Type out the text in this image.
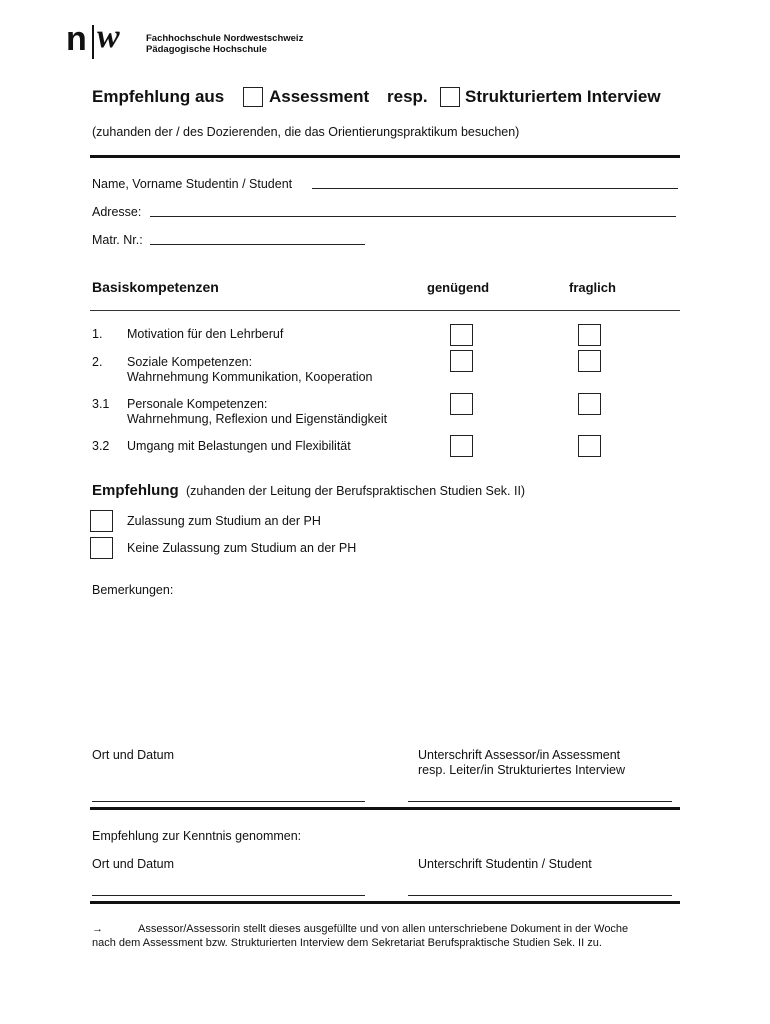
n w	Fachhochschule Nordwestschweiz
Pädagogische Hochschule
Empfehlung aus	Assessment resp. Strukturiertem Interview
(zuhanden der / des Dozierenden, die das Orientierungspraktikum besuchen)
Name, Vorname Studentin / Student
Adresse:
Matr. Nr.:
Basiskompetenzen	genügend	fraglich
1. Motivation für den Lehrberuf
2. Soziale Kompetenzen:
Wahrnehmung Kommunikation, Kooperation
3.1 Personale Kompetenzen:
Wahrnehmung, Reflexion und Eigenständigkeit
3.2 Umgang mit Belastungen und Flexibilität
Empfehlung (zuhanden der Leitung der Berufspraktischen Studien Sek. II)
Zulassung zum Studium an der PH
Keine Zulassung zum Studium an der PH
Bemerkungen:
Ort und Datum	Unterschrift Assessor/in Assessment
resp. Leiter/in Strukturiertes Interview
Empfehlung zur Kenntnis genommen:
Ort und Datum	Unterschrift Studentin / Student
→	Assessor/Assessorin stellt dieses ausgefüllte und von allen unterschriebene Dokument in der Woche
nach dem Assessment bzw. Strukturierten Interview dem Sekretariat Berufspraktische Studien Sek. II zu.
